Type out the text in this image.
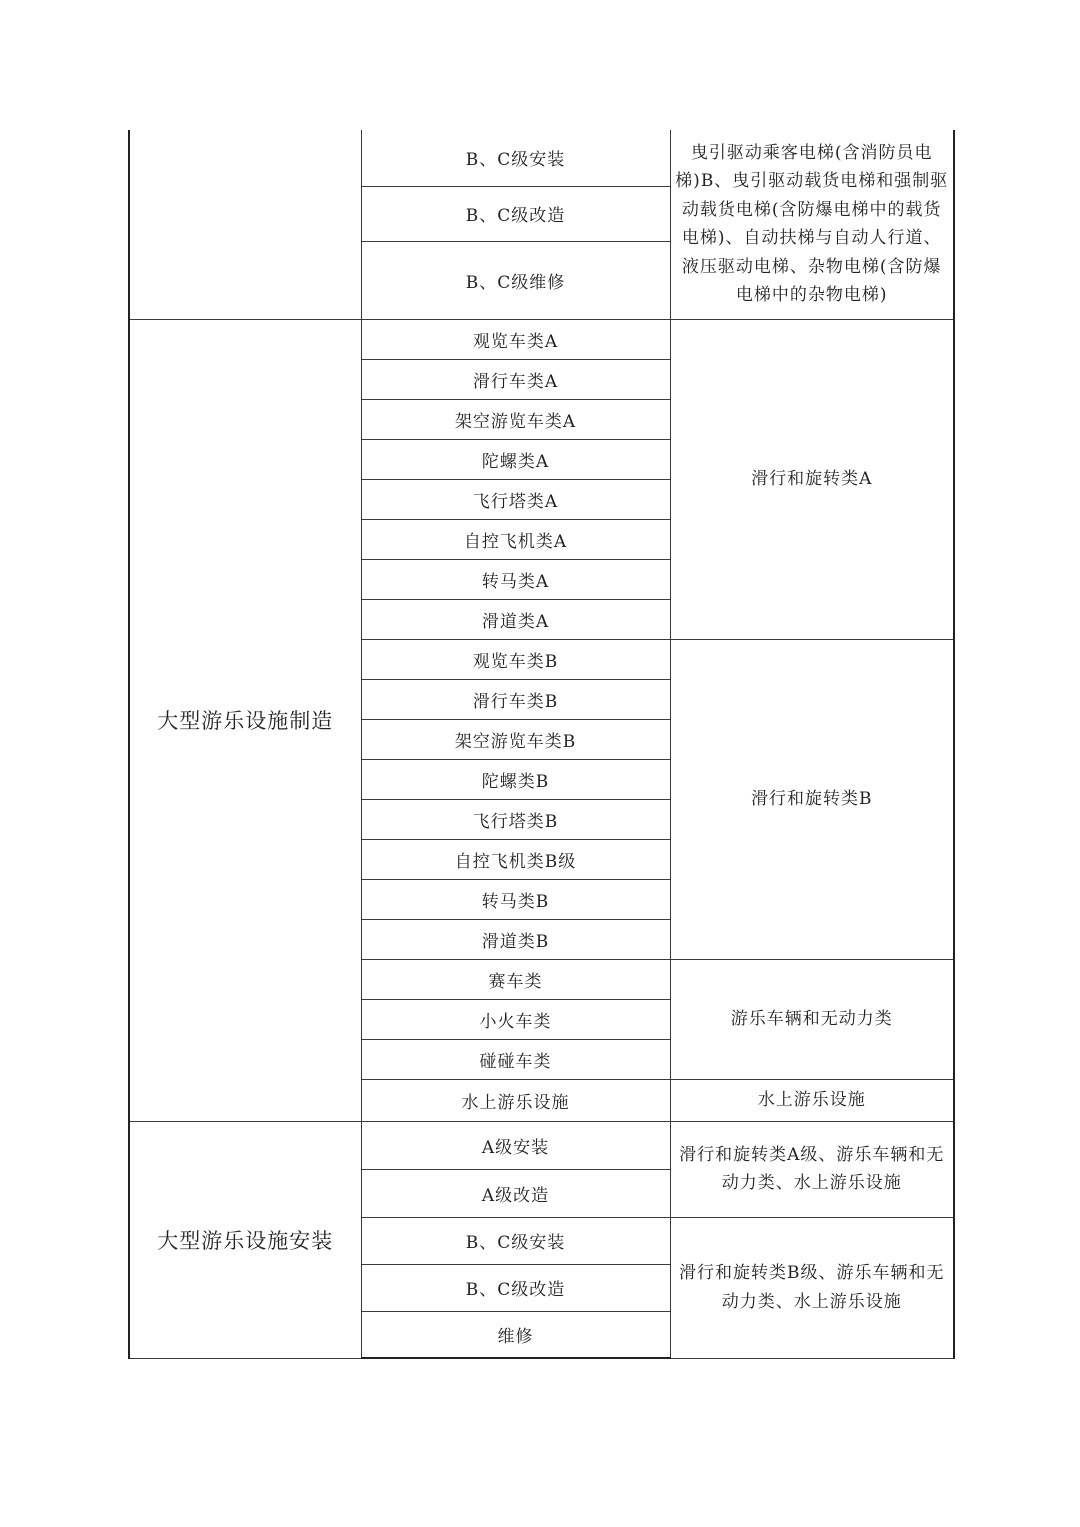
	B、C级安装	曳引驱动乘客电梯(含消防员电梯)B、曳引驱动载货电梯和强制驱动载货电梯(含防爆电梯中的载货电梯)、自动扶梯与自动人行道、液压驱动电梯、杂物电梯(含防爆电梯中的杂物电梯)
	B、C级改造	
	B、C级维修	
大型游乐设施制造	观览车类A	滑行和旋转类A
	滑行车类A	
	架空游览车类A	
	陀螺类A	
	飞行塔类A	
	自控飞机类A	
	转马类A	
	滑道类A	
	观览车类B	滑行和旋转类B
	滑行车类B	
	架空游览车类B	
	陀螺类B	
	飞行塔类B	
	自控飞机类B级	
	转马类B	
	滑道类B	
	赛车类	游乐车辆和无动力类
	小火车类	
	碰碰车类	
	水上游乐设施	水上游乐设施
大型游乐设施安装	A级安装	滑行和旋转类A级、游乐车辆和无动力类、水上游乐设施
	A级改造	
	B、C级安装	滑行和旋转类B级、游乐车辆和无动力类、水上游乐设施
	B、C级改造	
	维修	
